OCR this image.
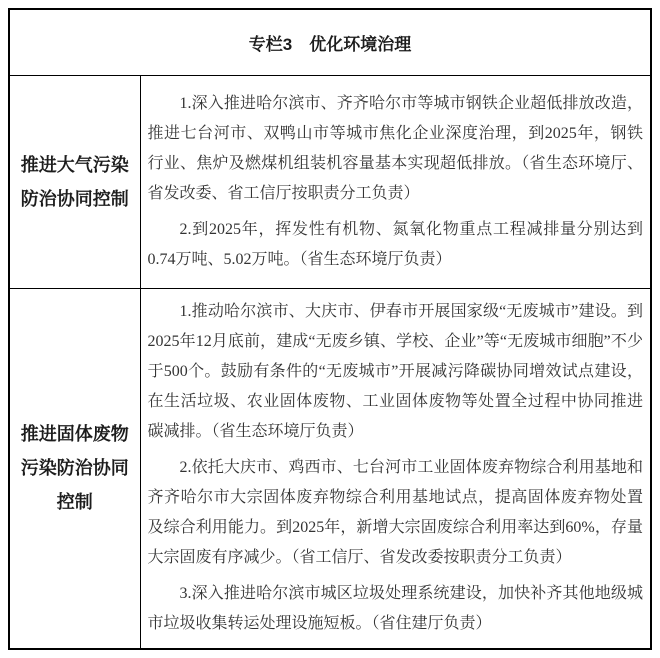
专栏3　优化环境治理	
推进大气污染防治协同控制	1.深入推进哈尔滨市、齐齐哈尔市等城市钢铁企业超低排放改造，推进七台河市、双鸭山市等城市焦化企业深度治理，到2025年，钢铁行业、焦炉及燃煤机组装机容量基本实现超低排放。（省生态环境厅、省发改委、省工信厅按职责分工负责）

2.到2025年，挥发性有机物、氮氧化物重点工程减排量分别达到0.74万吨、5.02万吨。（省生态环境厅负责）

推进固体废物污染防治协同控制	1.推动哈尔滨市、大庆市、伊春市开展国家级“无废城市”建设。到2025年12月底前，建成“无废乡镇、学校、企业”等“无废城市细胞”不少于500个。鼓励有条件的“无废城市”开展减污降碳协同增效试点建设，在生活垃圾、农业固体废物、工业固体废物等处置全过程中协同推进碳减排。（省生态环境厅负责）

2.依托大庆市、鸡西市、七台河市工业固体废弃物综合利用基地和齐齐哈尔市大宗固体废弃物综合利用基地试点，提高固体废弃物处置及综合利用能力。到2025年，新增大宗固废综合利用率达到60%，存量大宗固废有序减少。（省工信厅、省发改委按职责分工负责）

3.深入推进哈尔滨市城区垃圾处理系统建设，加快补齐其他地级城市垃圾收集转运处理设施短板。（省住建厅负责）
